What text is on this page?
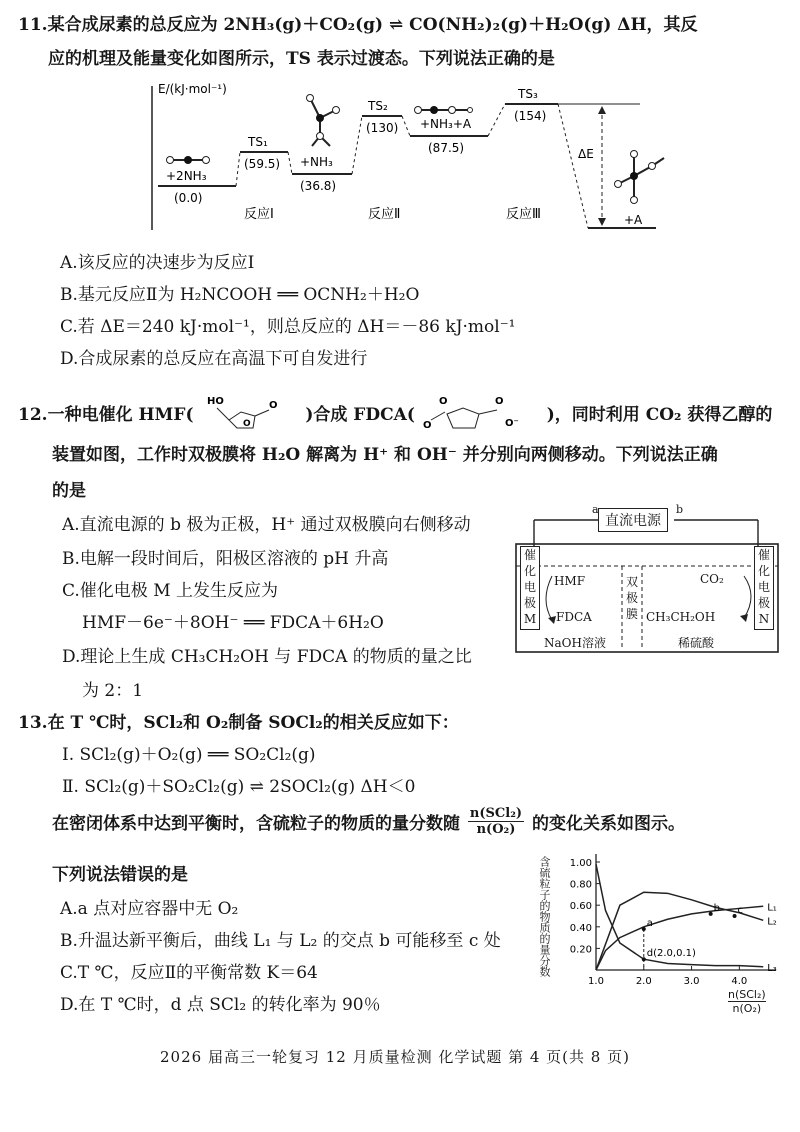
11.某合成尿素的总反应为 2NH₃(g)＋CO₂(g) ⇌ CO(NH₂)₂(g)＋H₂O(g) ΔH，其反
应的机理及能量变化如图所示，TS 表示过渡态。下列说法正确的是
E/(kJ·mol⁻¹)
+2NH₃
(0.0)
TS₁
(59.5) +NH₃
(36.8)
TS₂
(130) +NH₃+A
(87.5)
TS₃
(154)
+A
ΔE
反应Ⅰ	反应Ⅱ	反应Ⅲ
A.该反应的决速步为反应Ⅰ
B.基元反应Ⅱ为 H₂NCOOH ══ OCNH₂＋H₂O
C.若 ΔE＝240 kJ·mol⁻¹，则总反应的 ΔH＝－86 kJ·mol⁻¹
D.合成尿素的总反应在高温下可自发进行
12.一种电催化 HMF(
HO
O
O )合成 FDCA(
O
O	O
O⁻ )，同时利用 CO₂ 获得乙醇的
装置如图，工作时双极膜将 H₂O 解离为 H⁺ 和 OH⁻ 并分别向两侧移动。下列说法正确
的是
A.直流电源的 b 极为正极，H⁺ 通过双极膜向右侧移动
B.电解一段时间后，阳极区溶液的 pH 升高
C.催化电极 M 上发生反应为
HMF－6e⁻＋8OH⁻ ══ FDCA＋6H₂O
D.理论上生成 CH₃CH₂OH 与 FDCA 的物质的量之比
为 2：1
直流电源
a	b
催
化
电
极
M
催
化
电
极
N
双
极
膜
HMF
FDCA
CO₂
CH₃CH₂OH
NaOH溶液	稀硫酸
13.在 T ℃时，SCl₂和 O₂制备 SOCl₂的相关反应如下：
Ⅰ. SCl₂(g)＋O₂(g) ══ SO₂Cl₂(g)
Ⅱ. SCl₂(g)＋SO₂Cl₂(g) ⇌ 2SOCl₂(g) ΔH＜0
在密闭体系中达到平衡时，含硫粒子的物质的量分数随
n(SCl₂)
n(O₂) 的变化关系如图示。
下列说法错误的是
A.a 点对应容器中无 O₂
B.升温达新平衡后，曲线 L₁ 与 L₂ 的交点 b 可能移至 c 处
C.T ℃，反应Ⅱ的平衡常数 K＝64
D.在 T ℃时，d 点 SCl₂ 的转化率为 90％
含硫粒子的物质的量分数 0.20
0.40
0.60
0.80
1.00
1.0	2.0	3.0	4.0
L₁
L₂
L₃
a
b c
d(2.0,0.1)
n(SCl₂)
n(O₂)
2026 届高三一轮复习 12 月质量检测 化学试题 第 4 页(共 8 页)
